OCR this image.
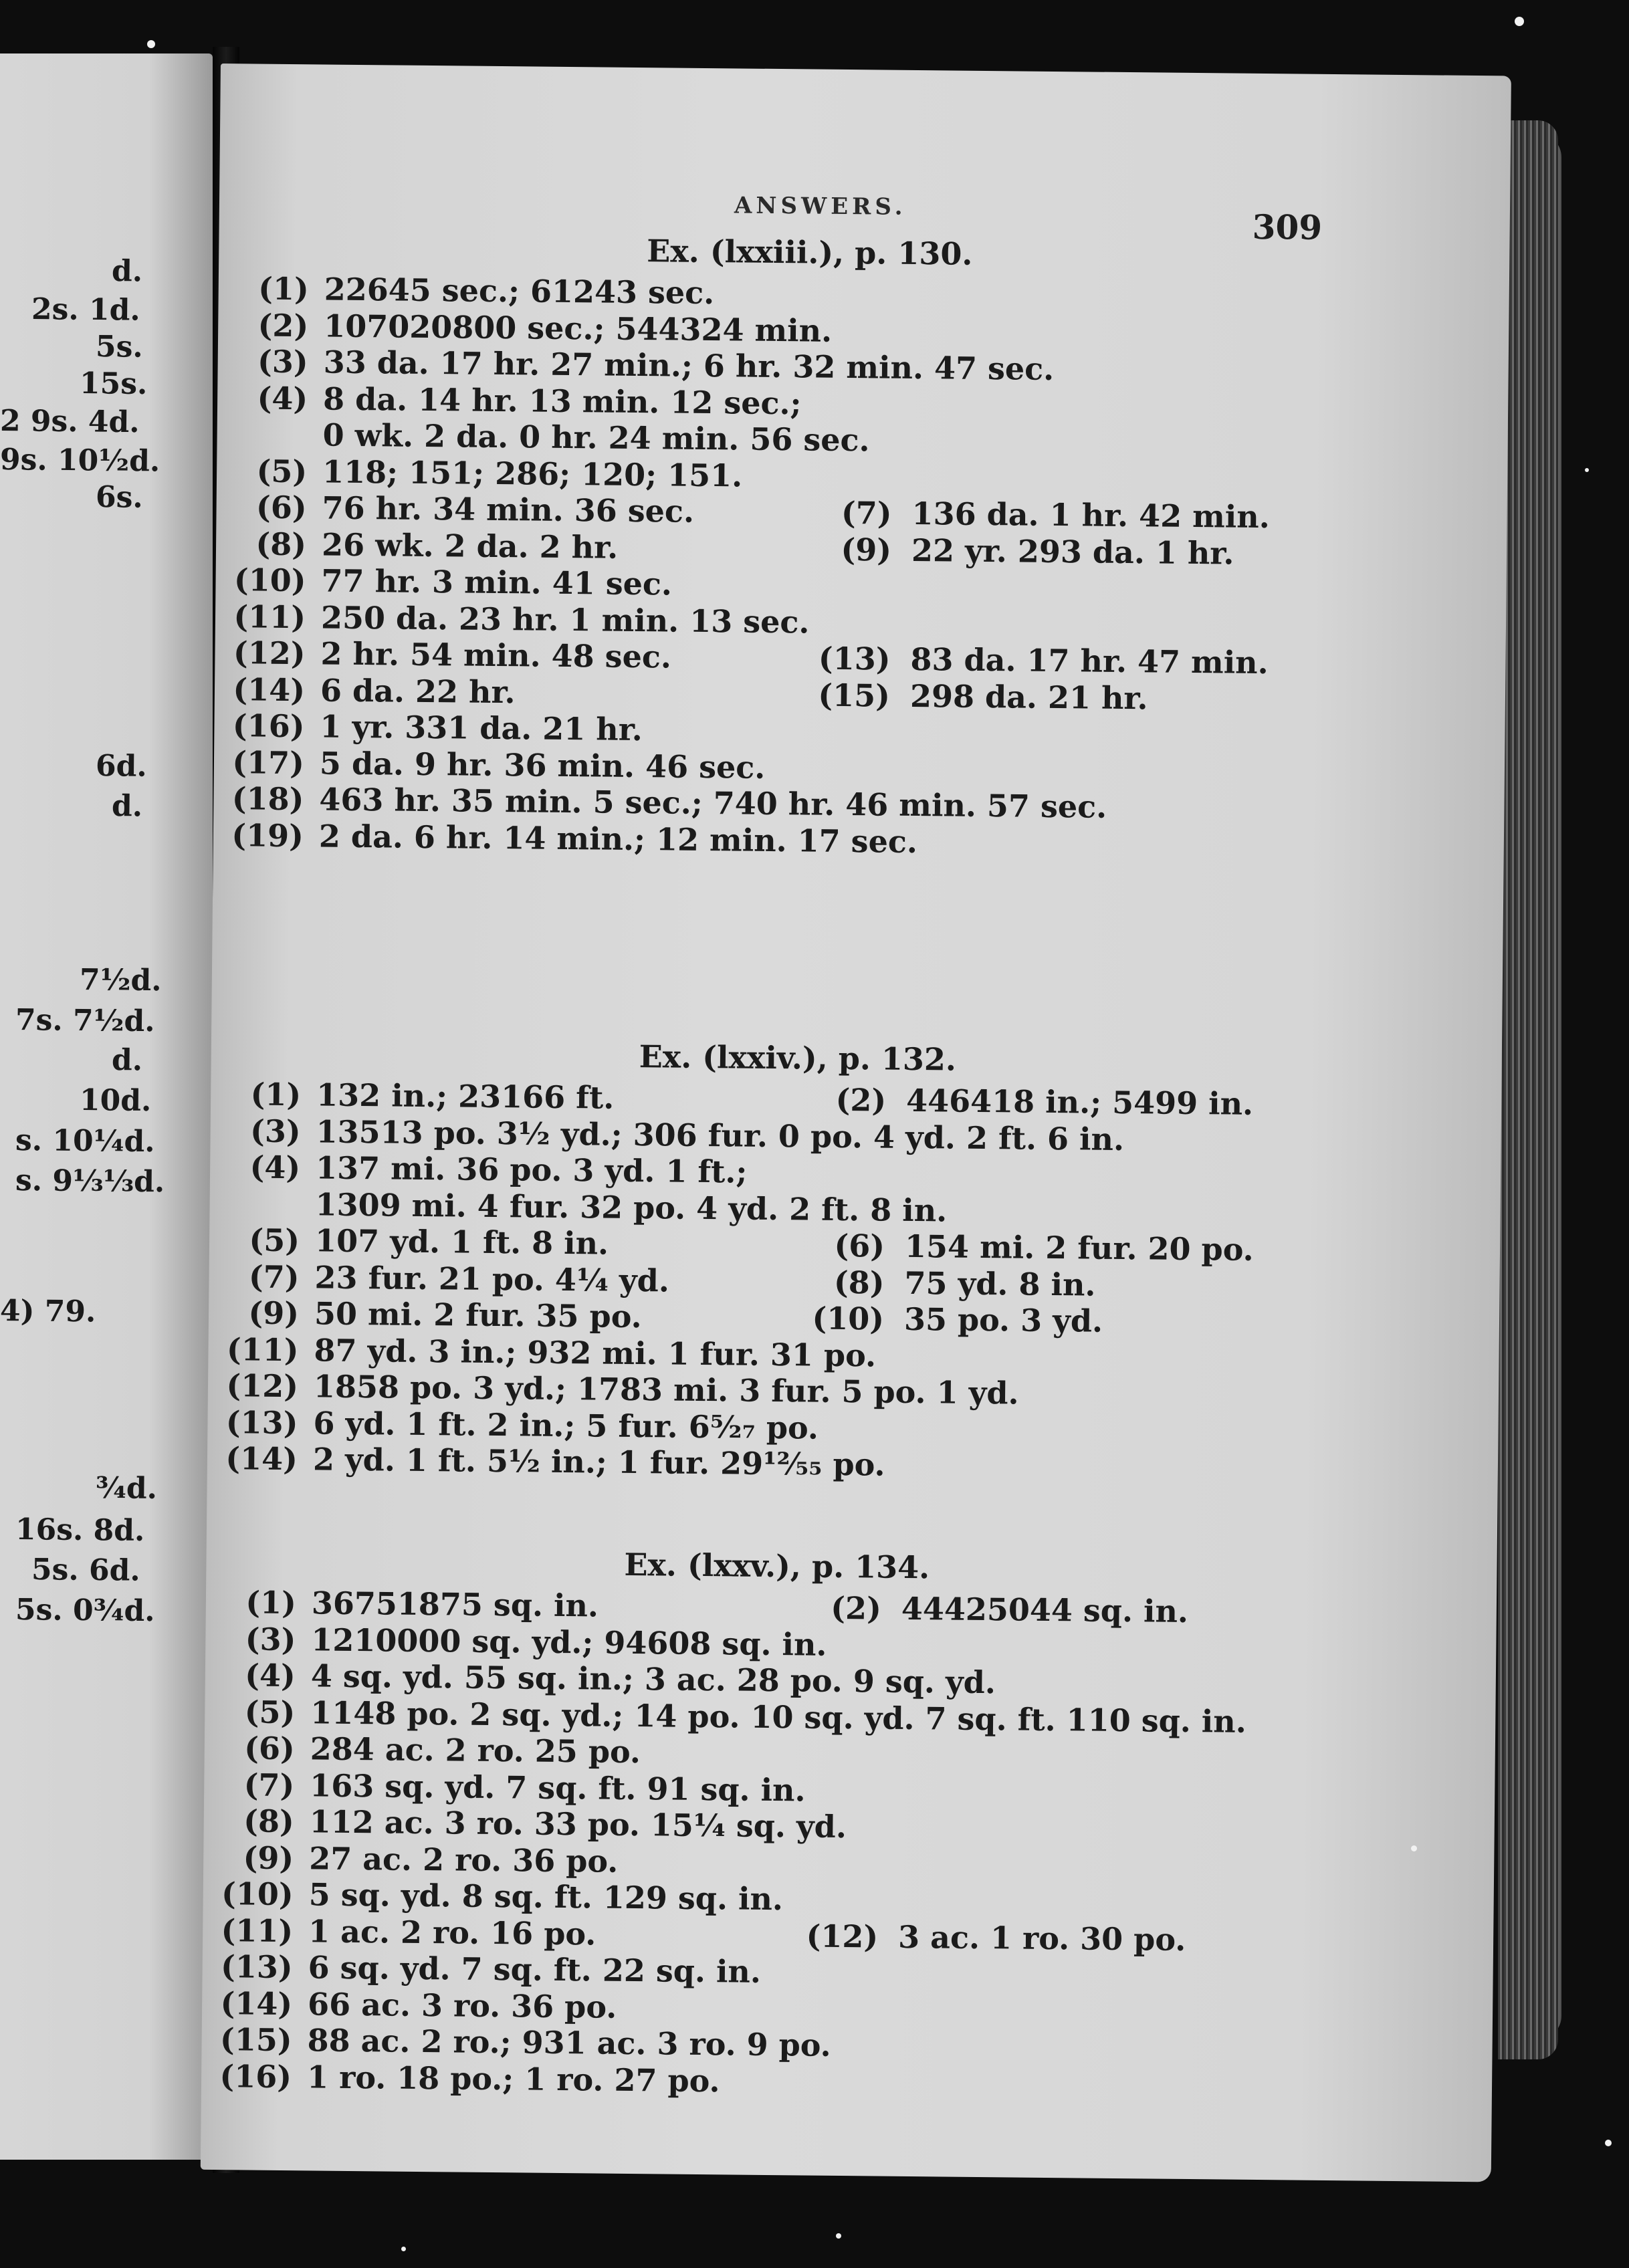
d.
2s. 1d.
5s.
15s.
2 9s. 4d.
9s. 10½d.
6s.
6d.
d.
7½d.
7s. 7½d.
d.
10d.
s. 10¼d.
s. 9⅓⅓d.
4) 79.
¾d.
16s. 8d.
5s. 6d.
5s. 0¾d.
ANSWERS.
309
Ex. (lxxiii.), p. 130.
(1) 22645 sec.; 61243 sec.
(2) 107020800 sec.; 544324 min.
(3) 33 da. 17 hr. 27 min.; 6 hr. 32 min. 47 sec.
(4) 8 da. 14 hr. 13 min. 12 sec.;
0 wk. 2 da. 0 hr. 24 min. 56 sec.
(5) 118; 151; 286; 120; 151.
(6) 76 hr. 34 min. 36 sec.	(7) 136 da. 1 hr. 42 min.
(8) 26 wk. 2 da. 2 hr.	(9) 22 yr. 293 da. 1 hr.
(10) 77 hr. 3 min. 41 sec.
(11) 250 da. 23 hr. 1 min. 13 sec.
(12) 2 hr. 54 min. 48 sec.	(13) 83 da. 17 hr. 47 min.
(14) 6 da. 22 hr.	(15) 298 da. 21 hr.
(16) 1 yr. 331 da. 21 hr.
(17) 5 da. 9 hr. 36 min. 46 sec.
(18) 463 hr. 35 min. 5 sec.; 740 hr. 46 min. 57 sec.
(19) 2 da. 6 hr. 14 min.; 12 min. 17 sec.
Ex. (lxxiv.), p. 132.
(1) 132 in.; 23166 ft.	(2) 446418 in.; 5499 in.
(3) 13513 po. 3½ yd.; 306 fur. 0 po. 4 yd. 2 ft. 6 in.
(4) 137 mi. 36 po. 3 yd. 1 ft.;
1309 mi. 4 fur. 32 po. 4 yd. 2 ft. 8 in.
(5) 107 yd. 1 ft. 8 in.	(6) 154 mi. 2 fur. 20 po.
(7) 23 fur. 21 po. 4¼ yd.	(8) 75 yd. 8 in.
(9) 50 mi. 2 fur. 35 po.	(10) 35 po. 3 yd.
(11) 87 yd. 3 in.; 932 mi. 1 fur. 31 po.
(12) 1858 po. 3 yd.; 1783 mi. 3 fur. 5 po. 1 yd.
(13) 6 yd. 1 ft. 2 in.; 5 fur. 6⁵⁄₂₇ po.
(14) 2 yd. 1 ft. 5½ in.; 1 fur. 29¹²⁄₅₅ po.
Ex. (lxxv.), p. 134.
(1) 36751875 sq. in.	(2) 44425044 sq. in.
(3) 1210000 sq. yd.; 94608 sq. in.
(4) 4 sq. yd. 55 sq. in.; 3 ac. 28 po. 9 sq. yd.
(5) 1148 po. 2 sq. yd.; 14 po. 10 sq. yd. 7 sq. ft. 110 sq. in.
(6) 284 ac. 2 ro. 25 po.
(7) 163 sq. yd. 7 sq. ft. 91 sq. in.
(8) 112 ac. 3 ro. 33 po. 15¼ sq. yd.
(9) 27 ac. 2 ro. 36 po.
(10) 5 sq. yd. 8 sq. ft. 129 sq. in.
(11) 1 ac. 2 ro. 16 po.	(12) 3 ac. 1 ro. 30 po.
(13) 6 sq. yd. 7 sq. ft. 22 sq. in.
(14) 66 ac. 3 ro. 36 po.
(15) 88 ac. 2 ro.; 931 ac. 3 ro. 9 po.
(16) 1 ro. 18 po.; 1 ro. 27 po.
